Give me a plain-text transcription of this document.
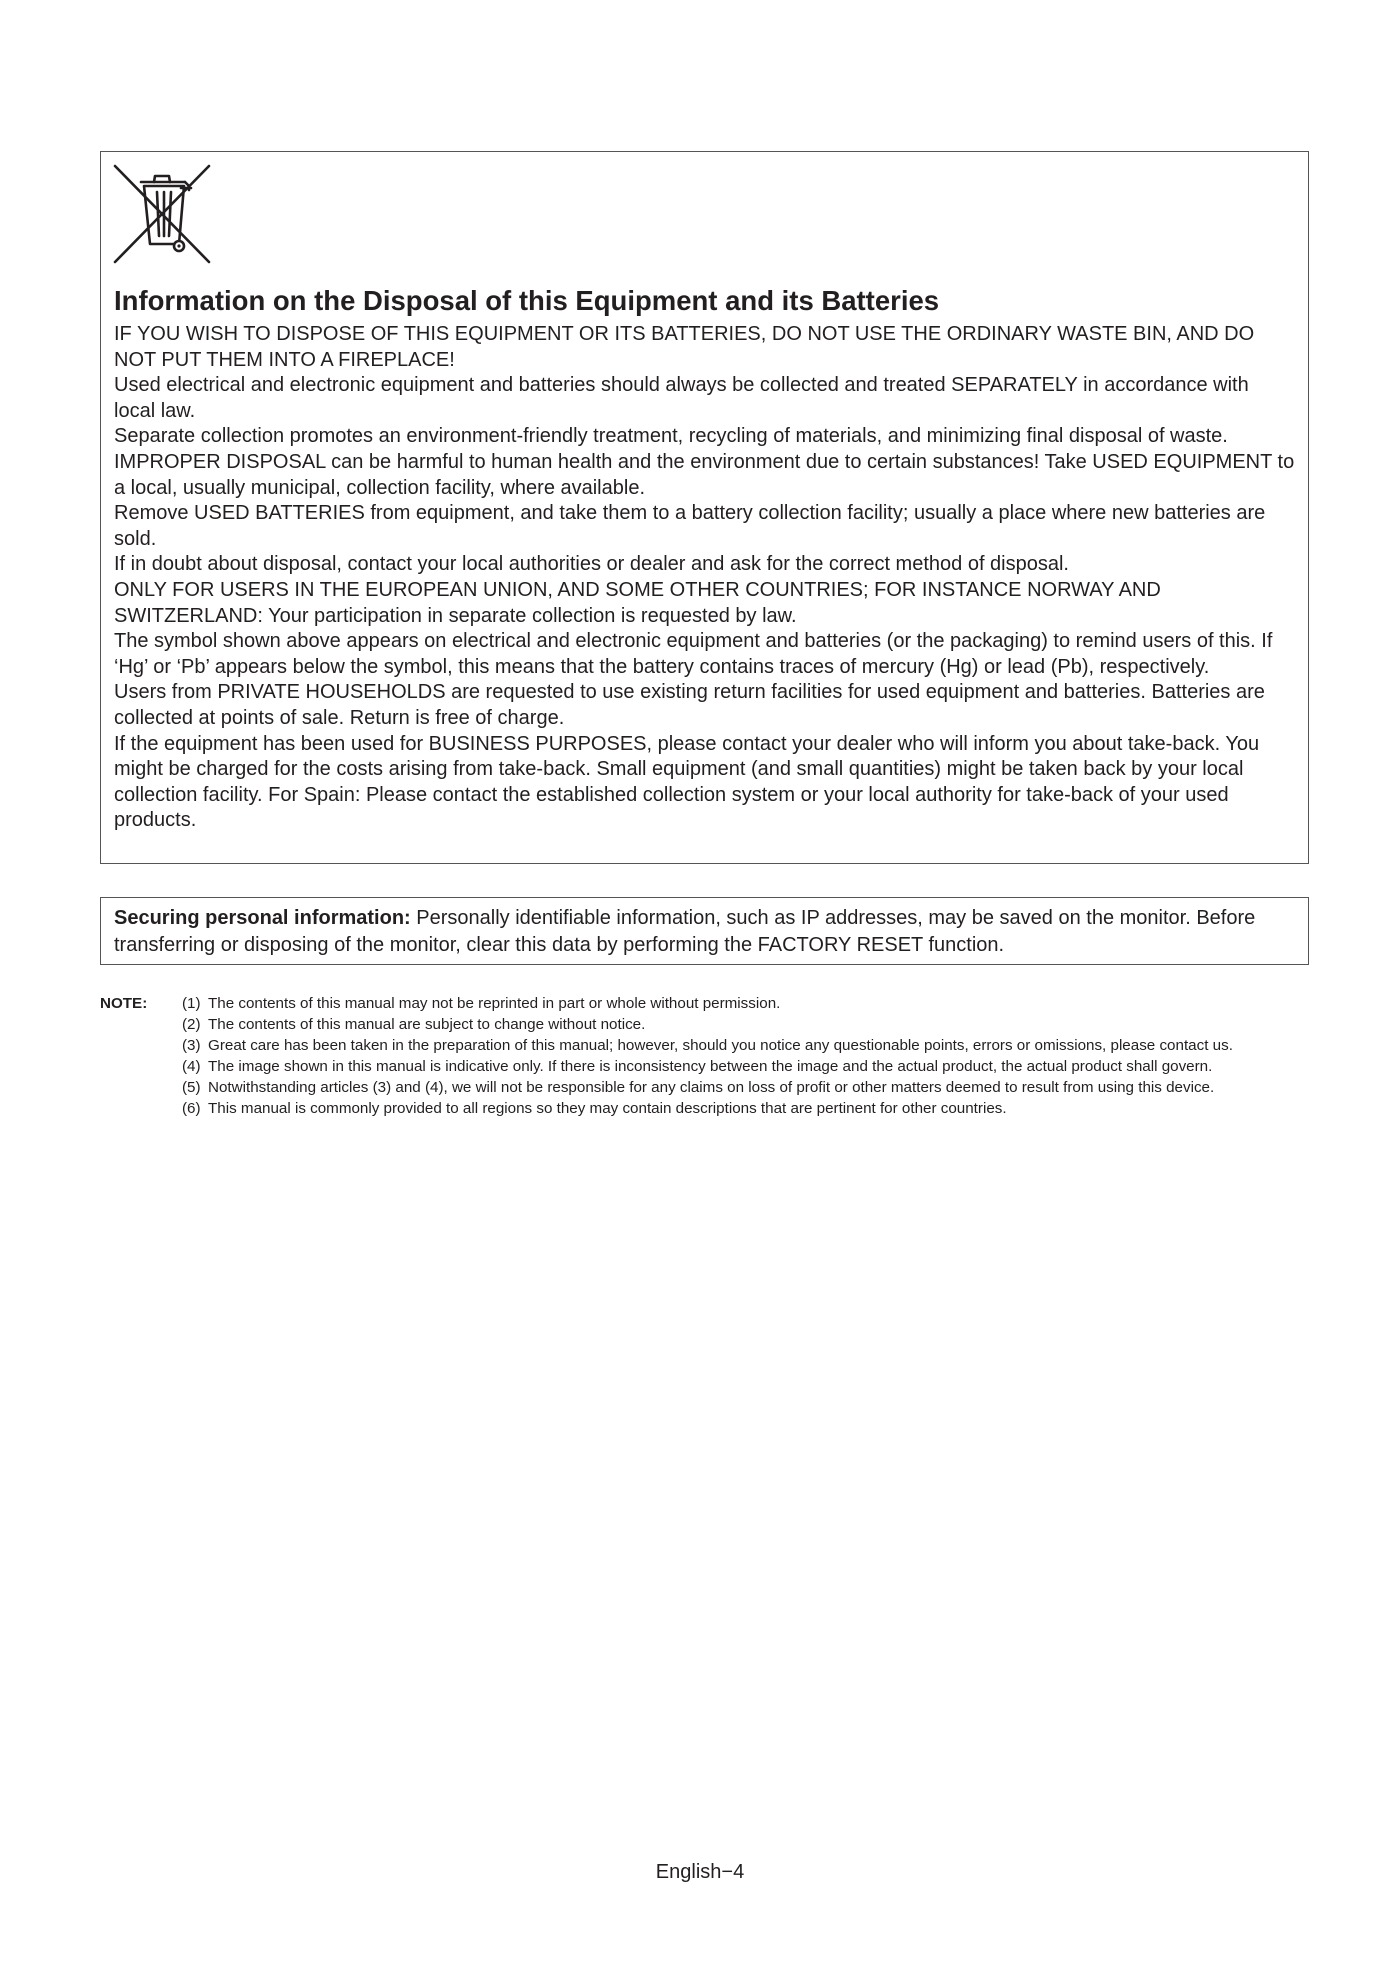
Information on the Disposal of this Equipment and its Batteries

IF YOU WISH TO DISPOSE OF THIS EQUIPMENT OR ITS BATTERIES, DO NOT USE THE ORDINARY WASTE BIN, AND DO NOT PUT THEM INTO A FIREPLACE!

Used electrical and electronic equipment and batteries should always be collected and treated SEPARATELY in accordance with local law.

Separate collection promotes an environment-friendly treatment, recycling of materials, and minimizing final disposal of waste. IMPROPER DISPOSAL can be harmful to human health and the environment due to certain substances! Take USED EQUIPMENT to a local, usually municipal, collection facility, where available.

Remove USED BATTERIES from equipment, and take them to a battery collection facility; usually a place where new batteries are sold.

If in doubt about disposal, contact your local authorities or dealer and ask for the correct method of disposal.

ONLY FOR USERS IN THE EUROPEAN UNION, AND SOME OTHER COUNTRIES; FOR INSTANCE NORWAY AND SWITZERLAND: Your participation in separate collection is requested by law.

The symbol shown above appears on electrical and electronic equipment and batteries (or the packaging) to remind users of this. If ‘Hg’ or ‘Pb’ appears below the symbol, this means that the battery contains traces of mercury (Hg) or lead (Pb), respectively.

Users from PRIVATE HOUSEHOLDS are requested to use existing return facilities for used equipment and batteries. Batteries are collected at points of sale. Return is free of charge.

If the equipment has been used for BUSINESS PURPOSES, please contact your dealer who will inform you about take-back. You might be charged for the costs arising from take-back. Small equipment (and small quantities) might be taken back by your local collection facility. For Spain: Please contact the established collection system or your local authority for take-back of your used products.

Securing personal information: Personally identifiable information, such as IP addresses, may be saved on the monitor. Before transferring or disposing of the monitor, clear this data by performing the FACTORY RESET function.
NOTE: (1) The contents of this manual may not be reprinted in part or whole without permission.
(2) The contents of this manual are subject to change without notice.
(3) Great care has been taken in the preparation of this manual; however, should you notice any questionable points, errors or omissions, please contact us.
(4) The image shown in this manual is indicative only. If there is inconsistency between the image and the actual product, the actual product shall govern.
(5) Notwithstanding articles (3) and (4), we will not be responsible for any claims on loss of profit or other matters deemed to result from using this device.
(6) This manual is commonly provided to all regions so they may contain descriptions that are pertinent for other countries.
English−4
